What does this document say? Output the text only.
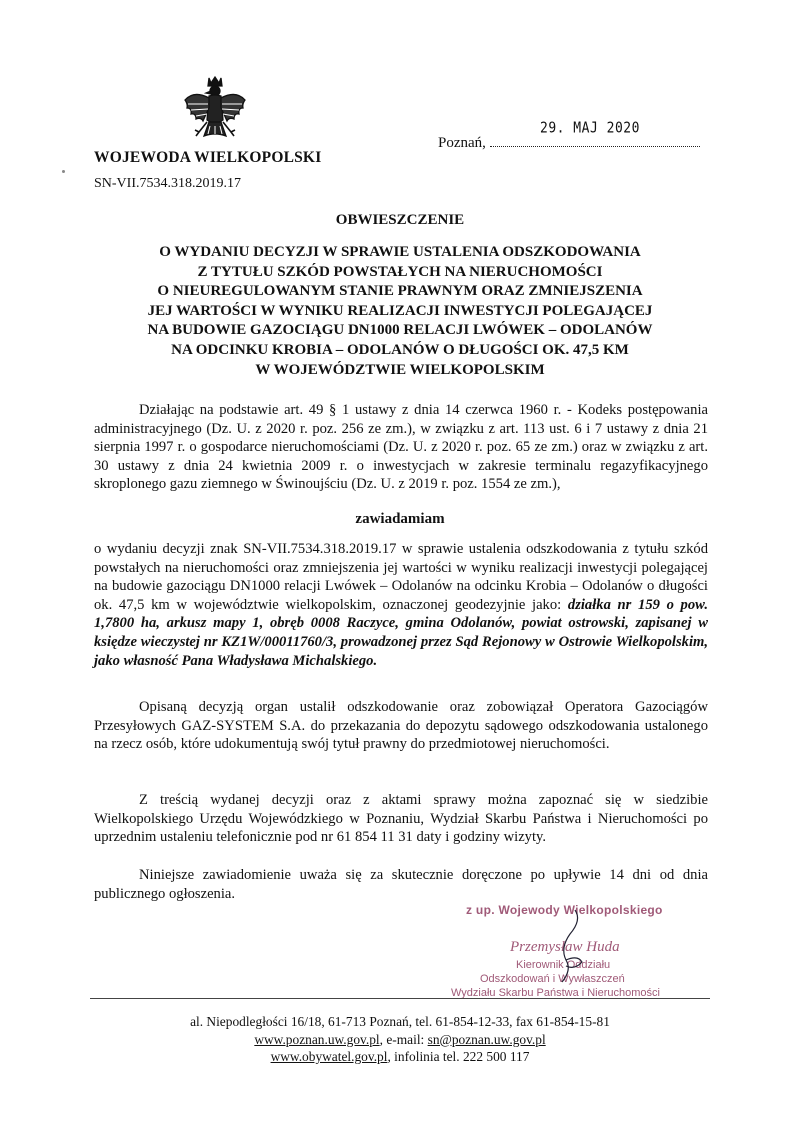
WOJEWODA WIELKOPOLSKI
SN-VII.7534.318.2019.17
29. MAJ 2020
Poznań,
OBWIESZCZENIE
O WYDANIU DECYZJI W SPRAWIE USTALENIA ODSZKODOWANIA
Z TYTUŁU SZKÓD POWSTAŁYCH NA NIERUCHOMOŚCI
O NIEUREGULOWANYM STANIE PRAWNYM ORAZ ZMNIEJSZENIA
JEJ WARTOŚCI W WYNIKU REALIZACJI INWESTYCJI POLEGAJĄCEJ
NA BUDOWIE GAZOCIĄGU DN1000 RELACJI LWÓWEK – ODOLANÓW
NA ODCINKU KROBIA – ODOLANÓW O DŁUGOŚCI OK. 47,5 KM
W WOJEWÓDZTWIE WIELKOPOLSKIM
Działając na podstawie art. 49 § 1 ustawy z dnia 14 czerwca 1960 r. - Kodeks postępowania administracyjnego (Dz. U. z 2020 r. poz. 256 ze zm.), w związku z art. 113 ust. 6 i 7 ustawy z dnia 21 sierpnia 1997 r. o gospodarce nieruchomościami (Dz. U. z 2020 r. poz. 65 ze zm.) oraz w związku z art. 30 ustawy z dnia 24 kwietnia 2009 r. o inwestycjach w zakresie terminalu regazyfikacyjnego skroplonego gazu ziemnego w Świnoujściu (Dz. U. z 2019 r. poz. 1554 ze zm.),
zawiadamiam
o wydaniu decyzji znak SN-VII.7534.318.2019.17 w sprawie ustalenia odszkodowania z tytułu szkód powstałych na nieruchomości oraz zmniejszenia jej wartości w wyniku realizacji inwestycji polegającej na budowie gazociągu DN1000 relacji Lwówek – Odolanów na odcinku Krobia – Odolanów o długości ok. 47,5 km w województwie wielkopolskim, oznaczonej geodezyjnie jako: działka nr 159 o pow. 1,7800 ha, arkusz mapy 1, obręb 0008 Raczyce, gmina Odolanów, powiat ostrowski, zapisanej w księdze wieczystej nr KZ1W/00011760/3, prowadzonej przez Sąd Rejonowy w Ostrowie Wielkopolskim, jako własność Pana Władysława Michalskiego.
Opisaną decyzją organ ustalił odszkodowanie oraz zobowiązał Operatora Gazociągów Przesyłowych GAZ-SYSTEM S.A. do przekazania do depozytu sądowego odszkodowania ustalonego na rzecz osób, które udokumentują swój tytuł prawny do przedmiotowej nieruchomości.
Z treścią wydanej decyzji oraz z aktami sprawy można zapoznać się w siedzibie Wielkopolskiego Urzędu Wojewódzkiego w Poznaniu, Wydział Skarbu Państwa i Nieruchomości po uprzednim ustaleniu telefonicznie pod nr 61 854 11 31 daty i godziny wizyty.
Niniejsze zawiadomienie uważa się za skutecznie doręczone po upływie 14 dni od dnia publicznego ogłoszenia.
z up. Wojewody Wielkopolskiego
Przemysław Huda
Kierownik Oddziału
Odszkodowań i Wywłaszczeń
Wydziału Skarbu Państwa i Nieruchomości
al. Niepodległości 16/18, 61-713 Poznań, tel. 61-854-12-33, fax 61-854-15-81
www.poznan.uw.gov.pl, e-mail: sn@poznan.uw.gov.pl
www.obywatel.gov.pl, infolinia tel. 222 500 117
